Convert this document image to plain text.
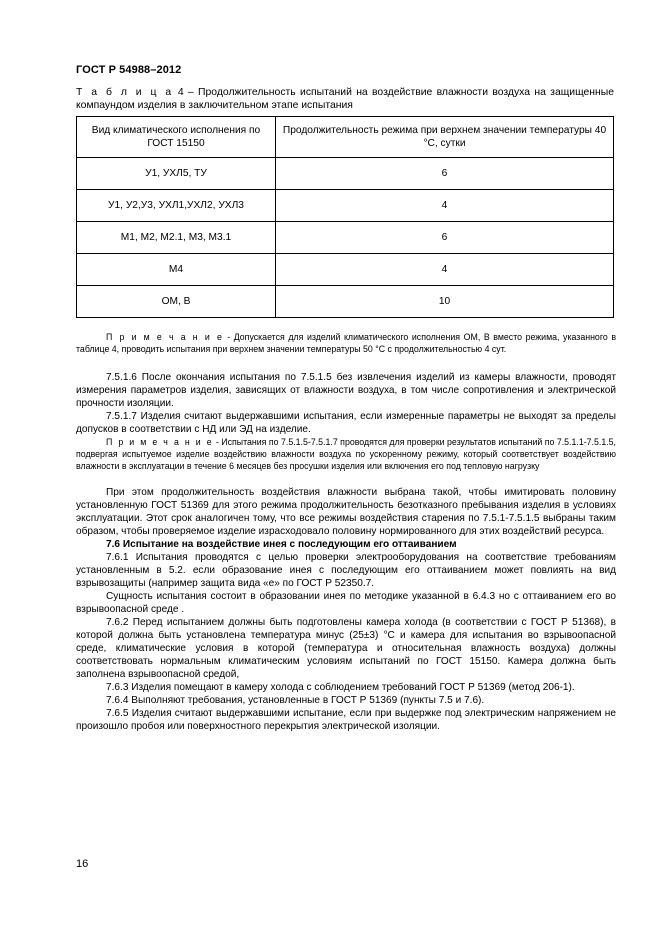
ГОСТ Р 54988–2012
Т а б л и ц а 4 – Продолжительность испытаний на воздействие влажности воздуха на защищенные компаундом изделия в заключительном этапе испытания
Вид климатического исполнения по ГОСТ 15150	Продолжительность режима при верхнем значении температуры 40 °С, сутки
У1, УХЛ5, ТУ	6
У1, У2,У3, УХЛ1,УХЛ2, УХЛ3	4
М1, М2, М2.1, М3, М3.1	6
М4	4
ОМ, В	10
П р и м е ч а н и е - Допускается для изделий климатического исполнения ОМ, В вместо режима, указанного в таблице 4, проводить испытания при верхнем значении температуры 50 °С с продолжительностью 4 сут.

7.5.1.6 После окончания испытания по 7.5.1.5 без извлечения изделий из камеры влажности, проводят измерения параметров изделия, зависящих от влажности воздуха, в том числе сопротивления и электрической прочности изоляции.

7.5.1.7 Изделия считают выдержавшими испытания, если измеренные параметры не выходят за пределы допусков в соответствии с НД или ЭД на изделие.

П р и м е ч а н и е - Испытания по 7.5.1.5-7.5.1.7 проводятся для проверки результатов испытаний по 7.5.1.1-7.5.1.5, подвергая испытуемое изделие воздействию влажности воздуха по ускоренному режиму, который соответствует воздействию влажности в эксплуатации в течение 6 месяцев без просушки изделия или включения его под тепловую нагрузку

При этом продолжительность воздействия влажности выбрана такой, чтобы имитировать половину установленную ГОСТ 51369 для этого режима продолжительность безотказного пребывания изделия в условиях эксплуатации. Этот срок аналогичен тому, что все режимы воздействия старения по 7.5.1-7.5.1.5 выбраны таким образом, чтобы проверяемое изделие израсходовало половину нормированного для этих воздействий ресурса.

7.6 Испытание на воздействие инея с последующим его оттаиванием

7.6.1 Испытания проводятся с целью проверки электрооборудования на соответствие требованиям установленным в 5.2. если образование инея с последующим его оттаиванием может повлиять на вид взрывозащиты (например защита вида «е» по ГОСТ Р 52350.7.

Сущность испытания состоит в образовании инея по методике указанной в 6.4.3 но с оттаиванием его во взрывоопасной среде .

7.6.2 Перед испытанием должны быть подготовлены камера холода (в соответствии с ГОСТ Р 51368), в которой должна быть установлена температура минус (25±3) °С и камера для испытания во взрывоопасной среде, климатические условия в которой (температура и относительная влажность воздуха) должны соответствовать нормальным климатическим условиям испытаний по ГОСТ 15150. Камера должна быть заполнена взрывоопасной средой,

7.6.3 Изделия помещают в камеру холода с соблюдением требований ГОСТ Р 51369 (метод 206-1).

7.6.4 Выполняют требования, установленные в ГОСТ Р 51369 (пункты 7.5 и 7.6).

7.6.5 Изделия считают выдержавшими испытание, если при выдержке под электрическим напряжением не произошло пробоя или поверхностного перекрытия электрической изоляции.

16
